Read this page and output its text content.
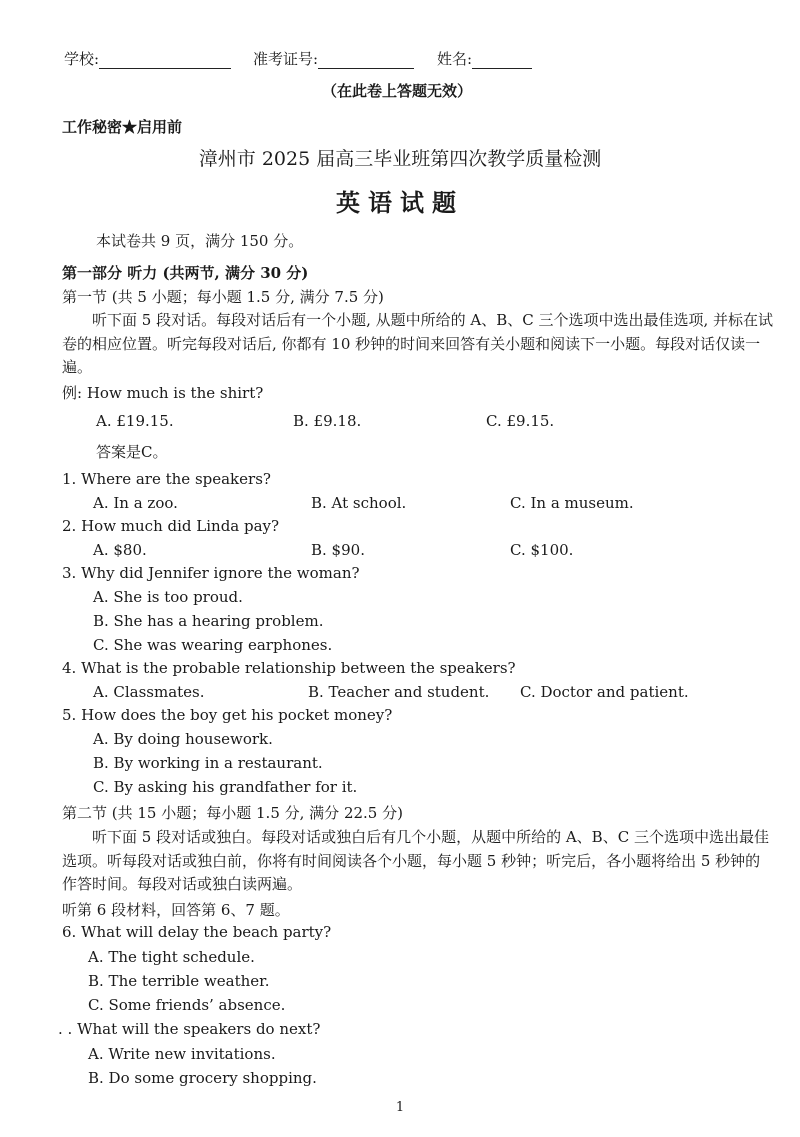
学校:	准考证号:	姓名:
（在此卷上答题无效）
工作秘密★启用前
漳州市 2025 届高三毕业班第四次教学质量检测
英语试题
本试卷共 9 页，满分 150 分。
第一部分 听力 (共两节, 满分 30 分)
第一节 (共 5 小题；每小题 1.5 分, 满分 7.5 分)
听下面 5 段对话。每段对话后有一个小题, 从题中所给的 A、B、C 三个选项中选出最佳选项, 并标在试卷的相应位置。听完每段对话后, 你都有 10 秒钟的时间来回答有关小题和阅读下一小题。每段对话仅读一遍。
例: How much is the shirt?
A. £19.15.	B. £9.18.	C. £9.15.
答案是C。
1. Where are the speakers?
A. In a zoo.	B. At school.	C. In a museum.
2. How much did Linda pay?
A. $80.	B. $90.	C. $100.
3. Why did Jennifer ignore the woman?
A. She is too proud.
B. She has a hearing problem.
C. She was wearing earphones.
4. What is the probable relationship between the speakers?
A. Classmates.	B. Teacher and student. C. Doctor and patient.
5. How does the boy get his pocket money?
A. By doing housework.
B. By working in a restaurant.
C. By asking his grandfather for it.
第二节 (共 15 小题；每小题 1.5 分, 满分 22.5 分)
听下面 5 段对话或独白。每段对话或独白后有几个小题，从题中所给的 A、B、C 三个选项中选出最佳选项。听每段对话或独白前，你将有时间阅读各个小题，每小题 5 秒钟；听完后，各小题将给出 5 秒钟的作答时间。每段对话或独白读两遍。
听第 6 段材料，回答第 6、7 题。
6. What will delay the beach party?
A. The tight schedule.
B. The terrible weather.
C. Some friends’ absence.
. . What will the speakers do next?
A. Write new invitations.
B. Do some grocery shopping.
1
